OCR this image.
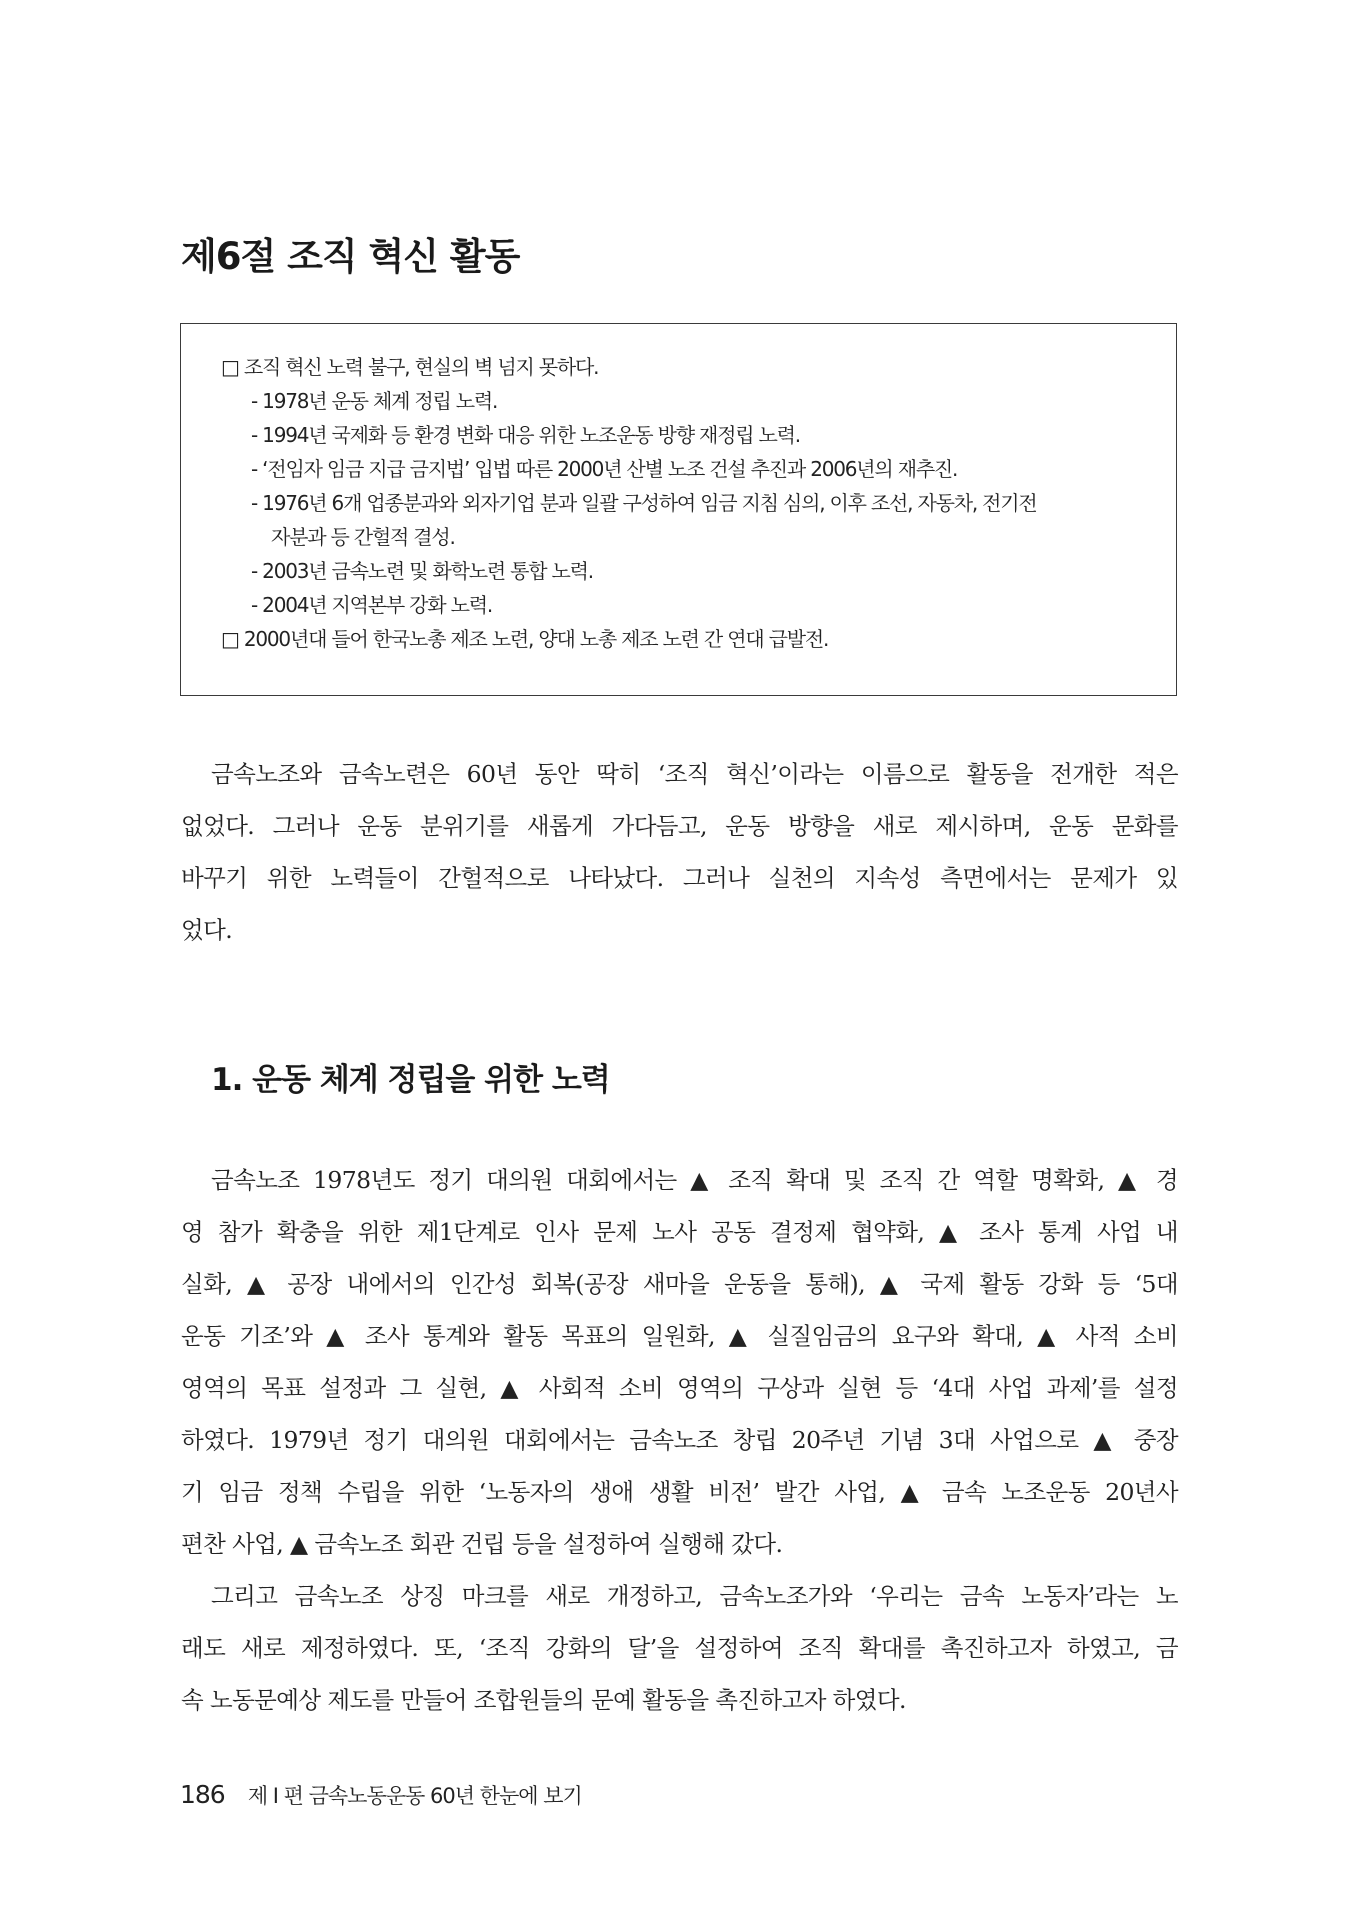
제6절 조직 혁신 활동
□ 조직 혁신 노력 불구, 현실의 벽 넘지 못하다.
- 1978년 운동 체계 정립 노력.
- 1994년 국제화 등 환경 변화 대응 위한 노조운동 방향 재정립 노력.
- ‘전임자 임금 지급 금지법’ 입법 따른 2000년 산별 노조 건설 추진과 2006년의 재추진.
- 1976년 6개 업종분과와 외자기업 분과 일괄 구성하여 임금 지침 심의, 이후 조선, 자동차, 전기전
자분과 등 간헐적 결성.
- 2003년 금속노련 및 화학노련 통합 노력.
- 2004년 지역본부 강화 노력.
□ 2000년대 들어 한국노총 제조 노련, 양대 노총 제조 노련 간 연대 급발전.
금속노조와 금속노련은 60년 동안 딱히 ‘조직 혁신’이라는 이름으로 활동을 전개한 적은
없었다. 그러나 운동 분위기를 새롭게 가다듬고, 운동 방향을 새로 제시하며, 운동 문화를
바꾸기 위한 노력들이 간헐적으로 나타났다. 그러나 실천의 지속성 측면에서는 문제가 있
었다.
1. 운동 체계 정립을 위한 노력
금속노조 1978년도 정기 대의원 대회에서는 ▲ 조직 확대 및 조직 간 역할 명확화, ▲ 경
영 참가 확충을 위한 제1단계로 인사 문제 노사 공동 결정제 협약화, ▲ 조사 통계 사업 내
실화, ▲ 공장 내에서의 인간성 회복(공장 새마을 운동을 통해), ▲ 국제 활동 강화 등 ‘5대
운동 기조’와 ▲ 조사 통계와 활동 목표의 일원화, ▲ 실질임금의 요구와 확대, ▲ 사적 소비
영역의 목표 설정과 그 실현, ▲ 사회적 소비 영역의 구상과 실현 등 ‘4대 사업 과제’를 설정
하였다. 1979년 정기 대의원 대회에서는 금속노조 창립 20주년 기념 3대 사업으로 ▲ 중장
기 임금 정책 수립을 위한 ‘노동자의 생애 생활 비전’ 발간 사업, ▲ 금속 노조운동 20년사
편찬 사업, ▲ 금속노조 회관 건립 등을 설정하여 실행해 갔다.
그리고 금속노조 상징 마크를 새로 개정하고, 금속노조가와 ‘우리는 금속 노동자’라는 노
래도 새로 제정하였다. 또, ‘조직 강화의 달’을 설정하여 조직 확대를 촉진하고자 하였고, 금
속 노동문예상 제도를 만들어 조합원들의 문예 활동을 촉진하고자 하였다.
186 제 I 편 금속노동운동 60년 한눈에 보기
